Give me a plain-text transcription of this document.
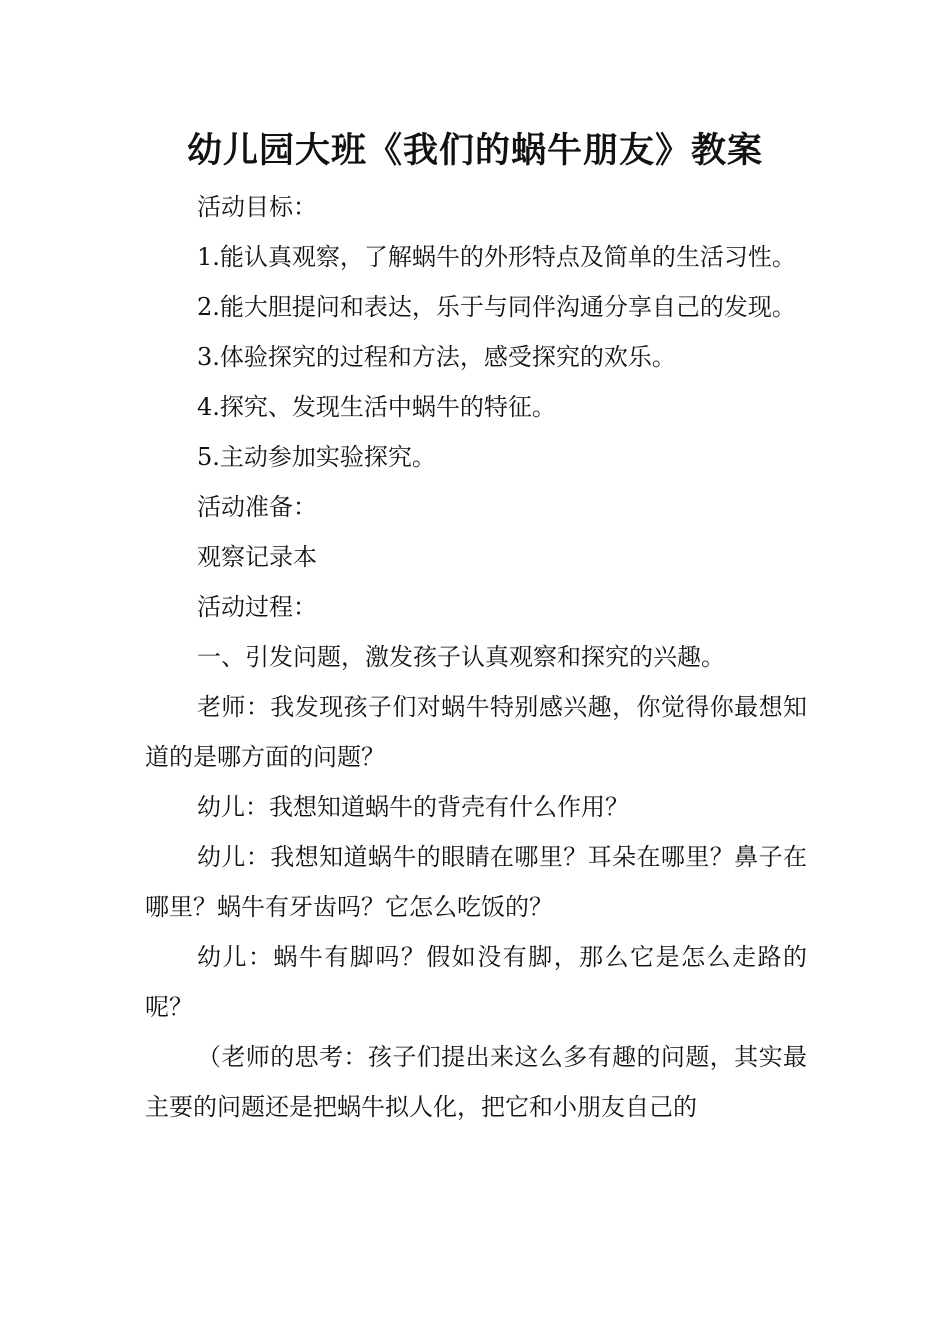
幼儿园大班《我们的蜗牛朋友》教案

活动目标：

1.能认真观察，了解蜗牛的外形特点及简单的生活习性。

2.能大胆提问和表达，乐于与同伴沟通分享自己的发现。

3.体验探究的过程和方法，感受探究的欢乐。

4.探究、发现生活中蜗牛的特征。

5.主动参加实验探究。

活动准备：

观察记录本

活动过程：

一、引发问题，激发孩子认真观察和探究的兴趣。

老师：我发现孩子们对蜗牛特别感兴趣，你觉得你最想知道的是哪方面的问题？

幼儿：我想知道蜗牛的背壳有什么作用？

幼儿：我想知道蜗牛的眼睛在哪里？耳朵在哪里？鼻子在哪里？蜗牛有牙齿吗？它怎么吃饭的？

幼儿：蜗牛有脚吗？假如没有脚，那么它是怎么走路的呢？

（老师的思考：孩子们提出来这么多有趣的问题，其实最主要的问题还是把蜗牛拟人化，把它和小朋友自己的
